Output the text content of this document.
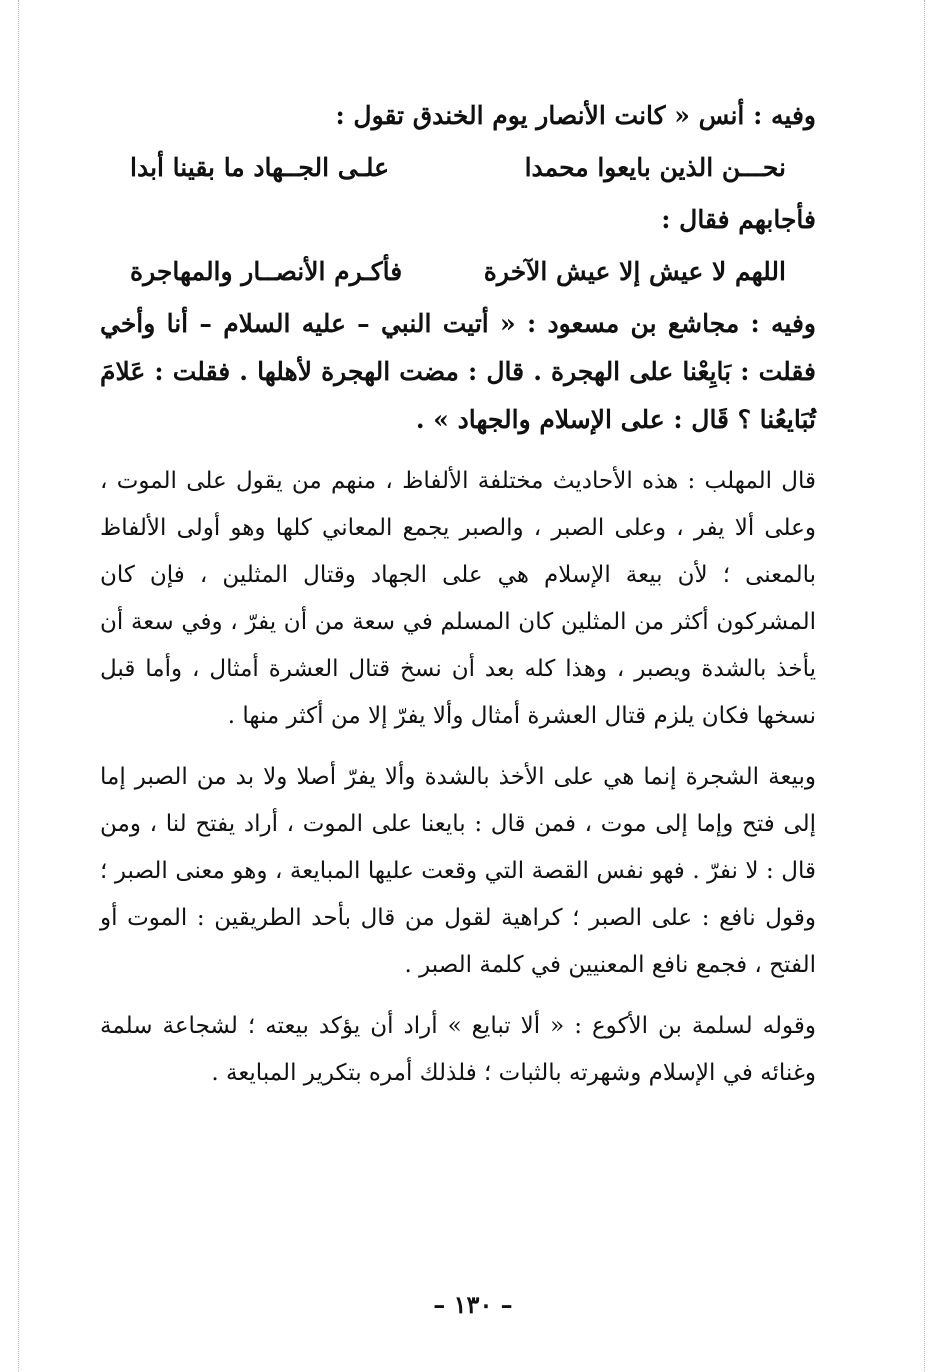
وفيه : أنس « كانت الأنصار يوم الخندق تقول :
نحـــن الذين بايعوا محمدا
علـى الجــهاد ما بقينا أبدا
فأجابهم فقال :
اللهم لا عيش إلا عيش الآخرة
فأكـرم الأنصــار والمهاجرة
وفيه : مجاشع بن مسعود : « أتيت النبي – عليه السلام – أنا وأخي فقلت : بَايِعْنا على الهجرة . قال : مضت الهجرة لأهلها . فقلت : عَلامَ تُبَايعُنا ؟ قَال : على الإسلام والجهاد » .
قال المهلب : هذه الأحاديث مختلفة الألفاظ ، منهم من يقول على الموت ، وعلى ألا يفر ، وعلى الصبر ، والصبر يجمع المعاني كلها وهو أولى الألفاظ بالمعنى ؛ لأن بيعة الإسلام هي على الجهاد وقتال المثلين ، فإن كان المشركون أكثر من المثلين كان المسلم في سعة من أن يفرّ ، وفي سعة أن يأخذ بالشدة ويصبر ، وهذا كله بعد أن نسخ قتال العشرة أمثال ، وأما قبل نسخها فكان يلزم قتال العشرة أمثال وألا يفرّ إلا من أكثر منها .
وبيعة الشجرة إنما هي على الأخذ بالشدة وألا يفرّ أصلا ولا بد من الصبر إما إلى فتح وإما إلى موت ، فمن قال : بايعنا على الموت ، أراد يفتح لنا ، ومن قال : لا نفرّ . فهو نفس القصة التي وقعت عليها المبايعة ، وهو معنى الصبر ؛ وقول نافع : على الصبر ؛ كراهية لقول من قال بأحد الطريقين : الموت أو الفتح ، فجمع نافع المعنيين في كلمة الصبر .
وقوله لسلمة بن الأكوع : « ألا تبايع » أراد أن يؤكد بيعته ؛ لشجاعة سلمة وغنائه في الإسلام وشهرته بالثبات ؛ فلذلك أمره بتكرير المبايعة .
– ١٣٠ –
